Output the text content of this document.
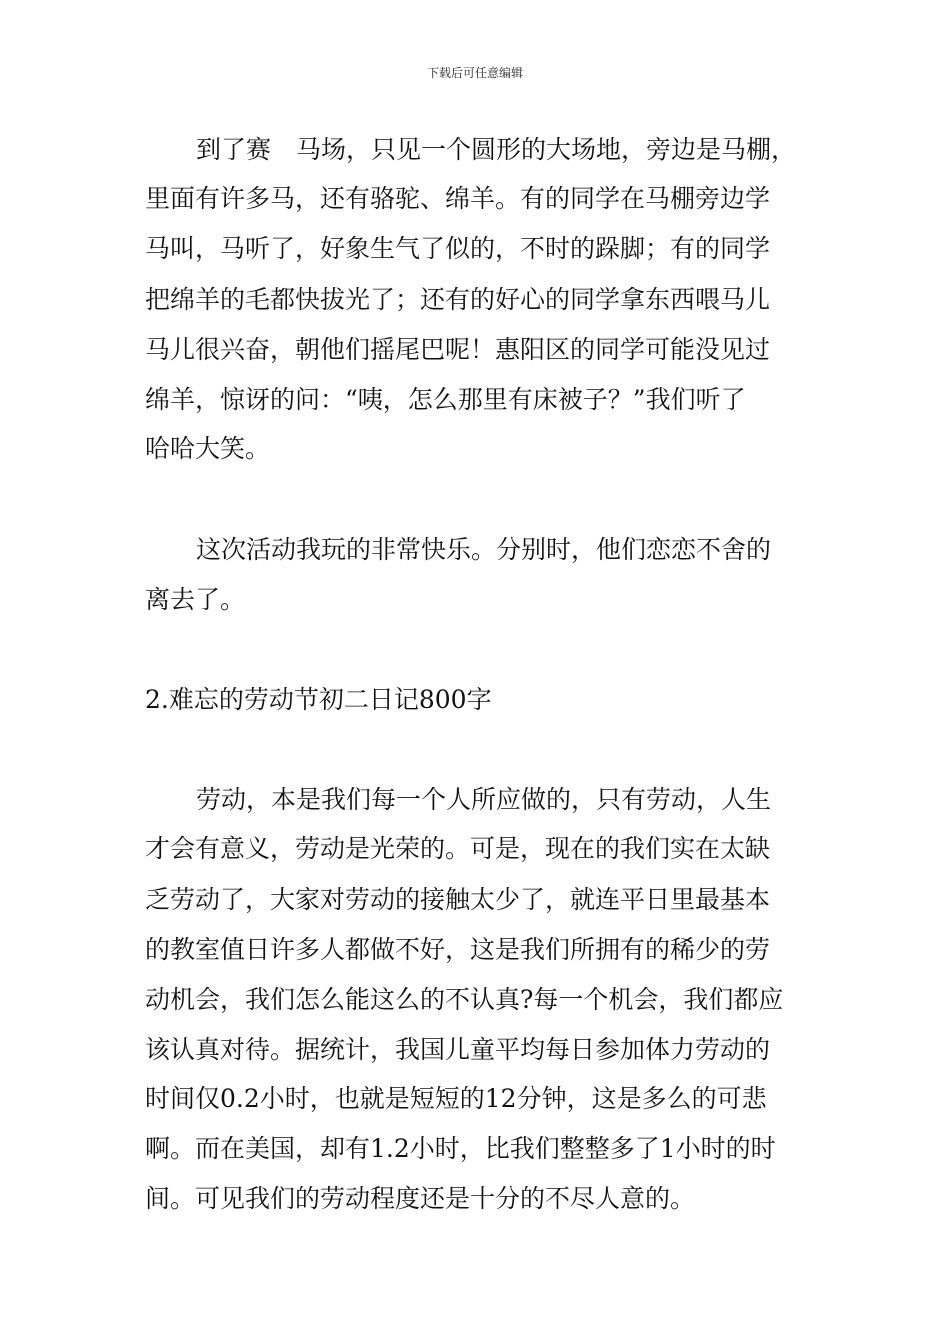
下载后可任意编辑
到了赛　马场，只见一个圆形的大场地，旁边是马棚，
里面有许多马，还有骆驼、绵羊。有的同学在马棚旁边学
马叫，马听了，好象生气了似的，不时的跺脚；有的同学
把绵羊的毛都快拔光了；还有的好心的同学拿东西喂马儿
马儿很兴奋，朝他们摇尾巴呢！惠阳区的同学可能没见过
绵羊，惊讶的问：“咦，怎么那里有床被子？”我们听了
哈哈大笑。
这次活动我玩的非常快乐。分别时，他们恋恋不舍的
离去了。
2.难忘的劳动节初二日记800字
劳动，本是我们每一个人所应做的，只有劳动，人生
才会有意义，劳动是光荣的。可是，现在的我们实在太缺
乏劳动了，大家对劳动的接触太少了，就连平日里最基本
的教室值日许多人都做不好，这是我们所拥有的稀少的劳
动机会，我们怎么能这么的不认真?每一个机会，我们都应
该认真对待。据统计，我国儿童平均每日参加体力劳动的
时间仅0.2小时，也就是短短的12分钟，这是多么的可悲
啊。而在美国，却有1.2小时，比我们整整多了1小时的时
间。可见我们的劳动程度还是十分的不尽人意的。
